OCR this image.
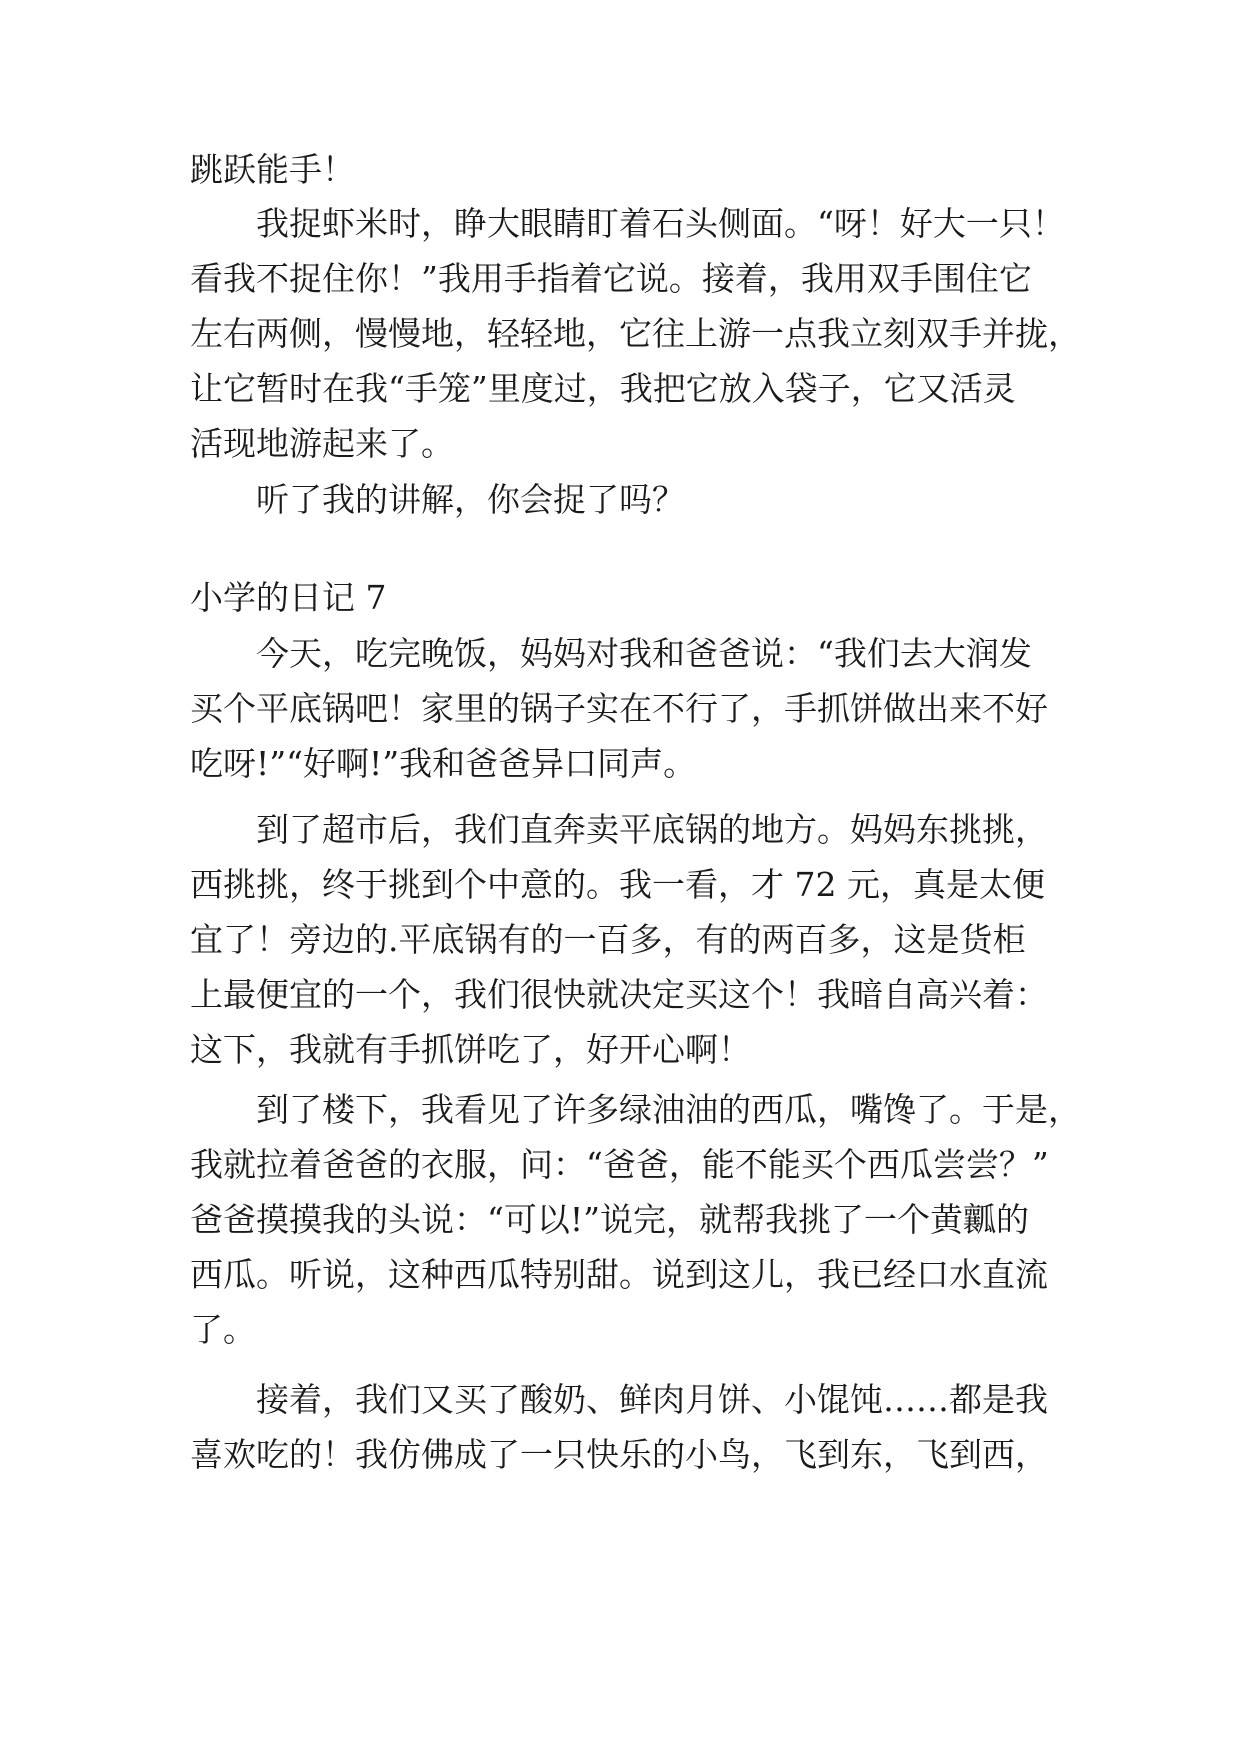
跳跃能手！
我捉虾米时，睁大眼睛盯着石头侧面。“呀！好大一只！
看我不捉住你！”我用手指着它说。接着，我用双手围住它
左右两侧，慢慢地，轻轻地，它往上游一点我立刻双手并拢，
让它暂时在我“手笼”里度过，我把它放入袋子，它又活灵
活现地游起来了。
听了我的讲解，你会捉了吗？
小学的日记 7
今天，吃完晚饭，妈妈对我和爸爸说：“我们去大润发
买个平底锅吧！家里的锅子实在不行了，手抓饼做出来不好
吃呀!”“好啊!”我和爸爸异口同声。
到了超市后，我们直奔卖平底锅的地方。妈妈东挑挑，
西挑挑，终于挑到个中意的。我一看，才 72 元，真是太便
宜了！旁边的.平底锅有的一百多，有的两百多，这是货柜
上最便宜的一个，我们很快就决定买这个！我暗自高兴着：
这下，我就有手抓饼吃了，好开心啊！
到了楼下，我看见了许多绿油油的西瓜，嘴馋了。于是，
我就拉着爸爸的衣服，问：“爸爸，能不能买个西瓜尝尝？”
爸爸摸摸我的头说：“可以!”说完，就帮我挑了一个黄瓤的
西瓜。听说，这种西瓜特别甜。说到这儿，我已经口水直流
了。
接着，我们又买了酸奶、鲜肉月饼、小馄饨……都是我
喜欢吃的！我仿佛成了一只快乐的小鸟，飞到东，飞到西，
